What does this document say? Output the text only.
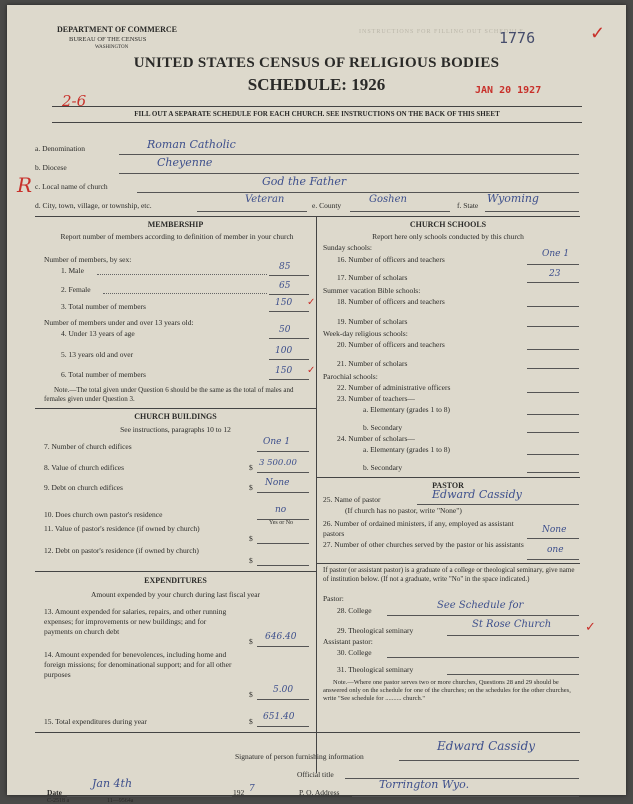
DEPARTMENT OF COMMERCE
BUREAU OF THE CENSUS
WASHINGTON
INSTRUCTIONS FOR FILLING OUT SCHEDULE
1776	✓
UNITED STATES CENSUS OF RELIGIOUS BODIES
SCHEDULE: 1926
2-6
JAN 20 1927
FILL OUT A SEPARATE SCHEDULE FOR EACH CHURCH. SEE INSTRUCTIONS ON THE BACK OF THIS SHEET
a. Denomination	Roman Catholic
b. Diocese	Cheyenne
R c. Local name of church	God the Father
d. City, town, village, or township, etc.
Veteran
e. County
Goshen
f. State
Wyoming
MEMBERSHIP
Report number of members according to definition of member in your church
Number of members, by sex:
1. Male	85
2. Female	65
3. Total number of members	150 ✓
Number of members under and over 13 years old:
4. Under 13 years of age	50
5. 13 years old and over	100
6. Total number of members	150 ✓
Note.—The total given under Question 6 should be the same as the total of males and females given under Question 3.
CHURCH BUILDINGS
See instructions, paragraphs 10 to 12
7. Number of church edifices	One 1
8. Value of church edifices	$ 3 500.00
9. Debt on church edifices	$ None
10. Does church own pastor's residence	no
Yes or No
11. Value of pastor's residence (if owned by church)
$
12. Debt on pastor's residence (if owned by church)
$
EXPENDITURES
Amount expended by your church during last fiscal year
13. Amount expended for salaries, repairs, and other running expenses; for improvements or new buildings; and for payments on church debt
$ 646.40
14. Amount expended for benevolences, including home and foreign missions; for denominational support; and for all other purposes
$ 5.00
15. Total expenditures during year	$ 651.40
CHURCH SCHOOLS
Report here only schools conducted by this church
Sunday schools:
16. Number of officers and teachers
One 1
17. Number of scholars	23
Summer vacation Bible schools:
18. Number of officers and teachers
19. Number of scholars
Week-day religious schools:
20. Number of officers and teachers
21. Number of scholars
Parochial schools:
22. Number of administrative officers
23. Number of teachers—
a. Elementary (grades 1 to 8)
b. Secondary
24. Number of scholars—
a. Elementary (grades 1 to 8)
b. Secondary
PASTOR
25. Name of pastor	Edward Cassidy
(If church has no pastor, write "None")
26. Number of ordained ministers, if any, employed as assistant pastors	None
27. Number of other churches served by the pastor or his assistants
one
If pastor (or assistant pastor) is a graduate of a college or theological seminary, give name of institution below. (If not a graduate, write "No" in the space indicated.)
Pastor:
28. College	See Schedule for
29. Theological seminary
St Rose Church	✓
Assistant pastor:
30. College
31. Theological seminary
Note.—Where one pastor serves two or more churches, Questions 28 and 29 should be answered only on the schedule for one of the churches; on the schedules for the other churches, write "See schedule for .......... church."
Signature of person furnishing information
Edward Cassidy
Official title
Date
Jan 4th
192 7	P. O. Address
Torrington Wyo.
C-2518 a	11—9564a
